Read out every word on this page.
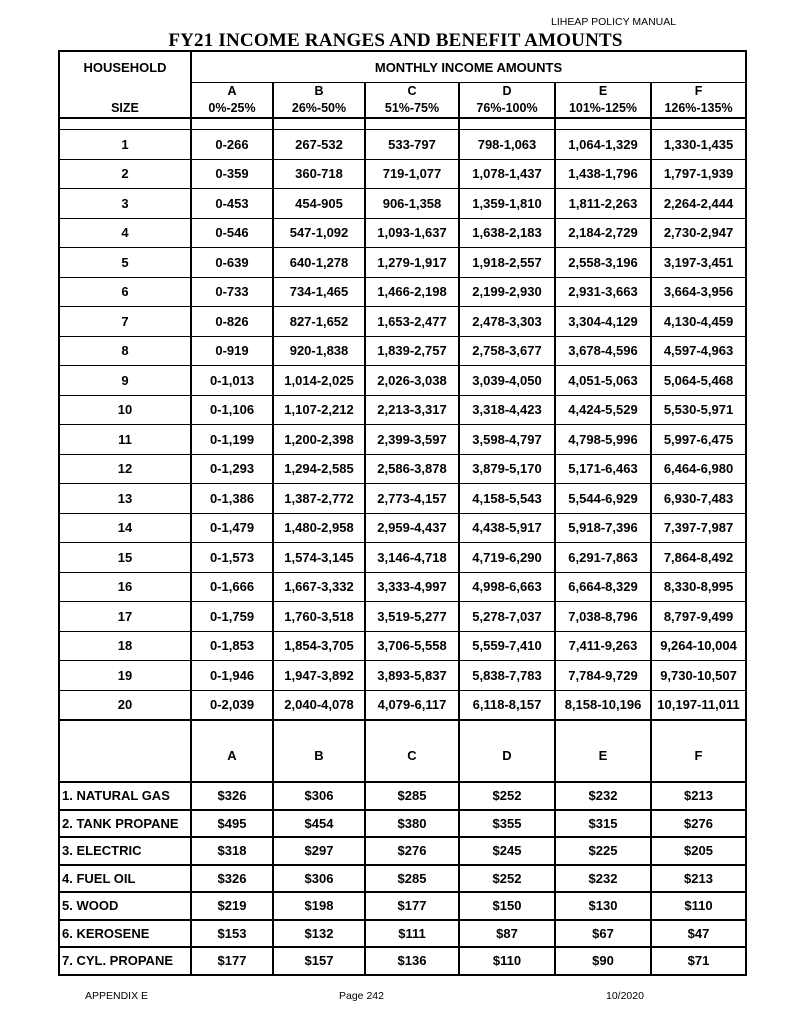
LIHEAP POLICY MANUAL
FY21 INCOME RANGES AND BENEFIT AMOUNTS
HOUSEHOLD	MONTHLY INCOME AMOUNTS					
	A	B	C	D	E	F
SIZE	0%-25%	26%-50%	51%-75%	76%-100%	101%-125%	126%-135%

1	0-266	267-532	533-797	798-1,063	1,064-1,329	1,330-1,435
2	0-359	360-718	719-1,077	1,078-1,437	1,438-1,796	1,797-1,939
3	0-453	454-905	906-1,358	1,359-1,810	1,811-2,263	2,264-2,444
4	0-546	547-1,092	1,093-1,637	1,638-2,183	2,184-2,729	2,730-2,947
5	0-639	640-1,278	1,279-1,917	1,918-2,557	2,558-3,196	3,197-3,451
6	0-733	734-1,465	1,466-2,198	2,199-2,930	2,931-3,663	3,664-3,956
7	0-826	827-1,652	1,653-2,477	2,478-3,303	3,304-4,129	4,130-4,459
8	0-919	920-1,838	1,839-2,757	2,758-3,677	3,678-4,596	4,597-4,963
9	0-1,013	1,014-2,025	2,026-3,038	3,039-4,050	4,051-5,063	5,064-5,468
10	0-1,106	1,107-2,212	2,213-3,317	3,318-4,423	4,424-5,529	5,530-5,971
11	0-1,199	1,200-2,398	2,399-3,597	3,598-4,797	4,798-5,996	5,997-6,475
12	0-1,293	1,294-2,585	2,586-3,878	3,879-5,170	5,171-6,463	6,464-6,980
13	0-1,386	1,387-2,772	2,773-4,157	4,158-5,543	5,544-6,929	6,930-7,483
14	0-1,479	1,480-2,958	2,959-4,437	4,438-5,917	5,918-7,396	7,397-7,987
15	0-1,573	1,574-3,145	3,146-4,718	4,719-6,290	6,291-7,863	7,864-8,492
16	0-1,666	1,667-3,332	3,333-4,997	4,998-6,663	6,664-8,329	8,330-8,995
17	0-1,759	1,760-3,518	3,519-5,277	5,278-7,037	7,038-8,796	8,797-9,499
18	0-1,853	1,854-3,705	3,706-5,558	5,559-7,410	7,411-9,263	9,264-10,004
19	0-1,946	1,947-3,892	3,893-5,837	5,838-7,783	7,784-9,729	9,730-10,507
20	0-2,039	2,040-4,078	4,079-6,117	6,118-8,157	8,158-10,196	10,197-11,011
	A	B	C	D	E	F
1. NATURAL GAS	$326	$306	$285	$252	$232	$213
2. TANK PROPANE	$495	$454	$380	$355	$315	$276
3. ELECTRIC	$318	$297	$276	$245	$225	$205
4. FUEL OIL	$326	$306	$285	$252	$232	$213
5. WOOD	$219	$198	$177	$150	$130	$110
6. KEROSENE	$153	$132	$111	$87	$67	$47
7. CYL. PROPANE	$177	$157	$136	$110	$90	$71
APPENDIX E	Page 242	10/2020
